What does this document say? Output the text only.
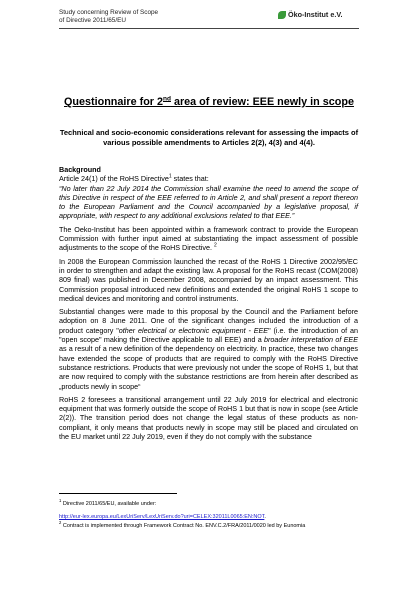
Study concerning Review of Scope
of Directive 2011/65/EU
Öko-Institut e.V.
Questionnaire for 2nd area of review: EEE newly in scope
Technical and socio-economic considerations relevant for assessing the impacts of various possible amendments to Articles 2(2), 4(3) and 4(4).

Background

Article 24(1) of the RoHS Directive$^1$ states that:

“No later than 22 July 2014 the Commission shall examine the need to amend the scope of this Directive in respect of the EEE referred to in Article 2, and shall present a report thereon to the European Parliament and the Council accompanied by a legislative proposal, if appropriate, with respect to any additional exclusions related to that EEE.”

The Oeko-Institut has been appointed within a framework contract to provide the European Commission with further input aimed at substantiating the impact assessment of possible adjustments to the scope of the RoHS Directive. $^2$

In 2008 the European Commission launched the recast of the RoHS 1 Directive 2002/95/EC in order to strengthen and adapt the existing law. A proposal for the RoHS recast (COM(2008) 809 final) was published in December 2008, accompanied by an impact assessment. This Commission proposal introduced new definitions and extended the original RoHS 1 scope to medical devices and monitoring and control instruments.

Substantial changes were made to this proposal by the Council and the Parliament before adoption on 8 June 2011. One of the significant changes included the introduction of a product category "other electrical or electronic equipment - EEE" (i.e. the introduction of an "open scope" making the Directive applicable to all EEE) and a broader interpretation of EEE as a result of a new definition of the dependency on electricity. In practice, these two changes have extended the scope of products that are required to comply with the RoHS Directive substance restrictions. Products that were previously not under the scope of RoHS 1, but that are now required to comply with the substance restrictions are from herein after described as „products newly in scope“

RoHS 2 foresees a transitional arrangement until 22 July 2019 for electrical and electronic equipment that was formerly outside the scope of RoHS 1 but that is now in scope (see Article 2(2)). The transition period does not change the legal status of these products as non-compliant, it only means that products newly in scope may still be placed and circulated on the EU market until 22 July 2019, even if they do not comply with the substance

$^1$ Directive 2011/65/EU, available under:
http://eur-lex.europa.eu/LexUriServ/LexUriServ.do?uri=CELEX:32011L0065:EN:NOT.
$^2$ Contract is implemented through Framework Contract No. ENV.C.2/FRA/2011/0020 led by Eunomia
